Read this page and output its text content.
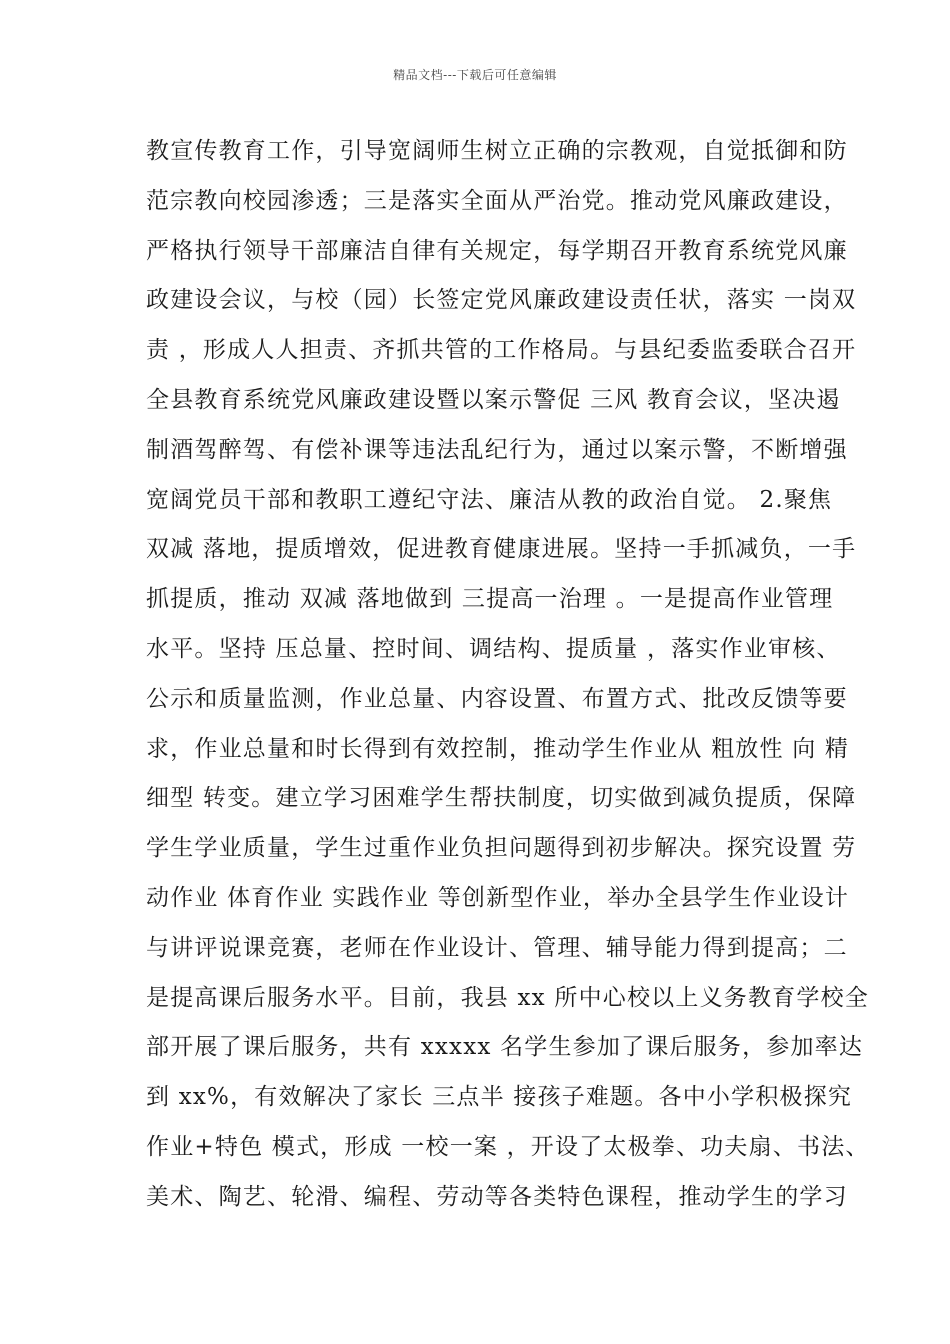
精品文档---下载后可任意编辑
教宣传教育工作，引导宽阔师生树立正确的宗教观，自觉抵御和防
范宗教向校园渗透；三是落实全面从严治党。推动党风廉政建设，
严格执行领导干部廉洁自律有关规定，每学期召开教育系统党风廉
政建设会议，与校（园）长签定党风廉政建设责任状，落实 一岗双
责 ，形成人人担责、齐抓共管的工作格局。与县纪委监委联合召开
全县教育系统党风廉政建设暨以案示警促 三风 教育会议，坚决遏
制酒驾醉驾、有偿补课等违法乱纪行为，通过以案示警，不断增强
宽阔党员干部和教职工遵纪守法、廉洁从教的政治自觉。 2.聚焦
双减 落地，提质增效，促进教育健康进展。坚持一手抓减负，一手
抓提质，推动 双减 落地做到 三提高一治理 。一是提高作业管理
水平。坚持 压总量、控时间、调结构、提质量 ，落实作业审核、
公示和质量监测，作业总量、内容设置、布置方式、批改反馈等要
求，作业总量和时长得到有效控制，推动学生作业从 粗放性 向 精
细型 转变。建立学习困难学生帮扶制度，切实做到减负提质，保障
学生学业质量，学生过重作业负担问题得到初步解决。探究设置 劳
动作业 体育作业 实践作业 等创新型作业，举办全县学生作业设计
与讲评说课竞赛，老师在作业设计、管理、辅导能力得到提高；二
是提高课后服务水平。目前，我县 xx 所中心校以上义务教育学校全
部开展了课后服务，共有 xxxxx 名学生参加了课后服务，参加率达
到 xx%，有效解决了家长 三点半 接孩子难题。各中小学积极探究
作业+特色 模式，形成 一校一案 ，开设了太极拳、功夫扇、书法、
美术、陶艺、轮滑、编程、劳动等各类特色课程，推动学生的学习
